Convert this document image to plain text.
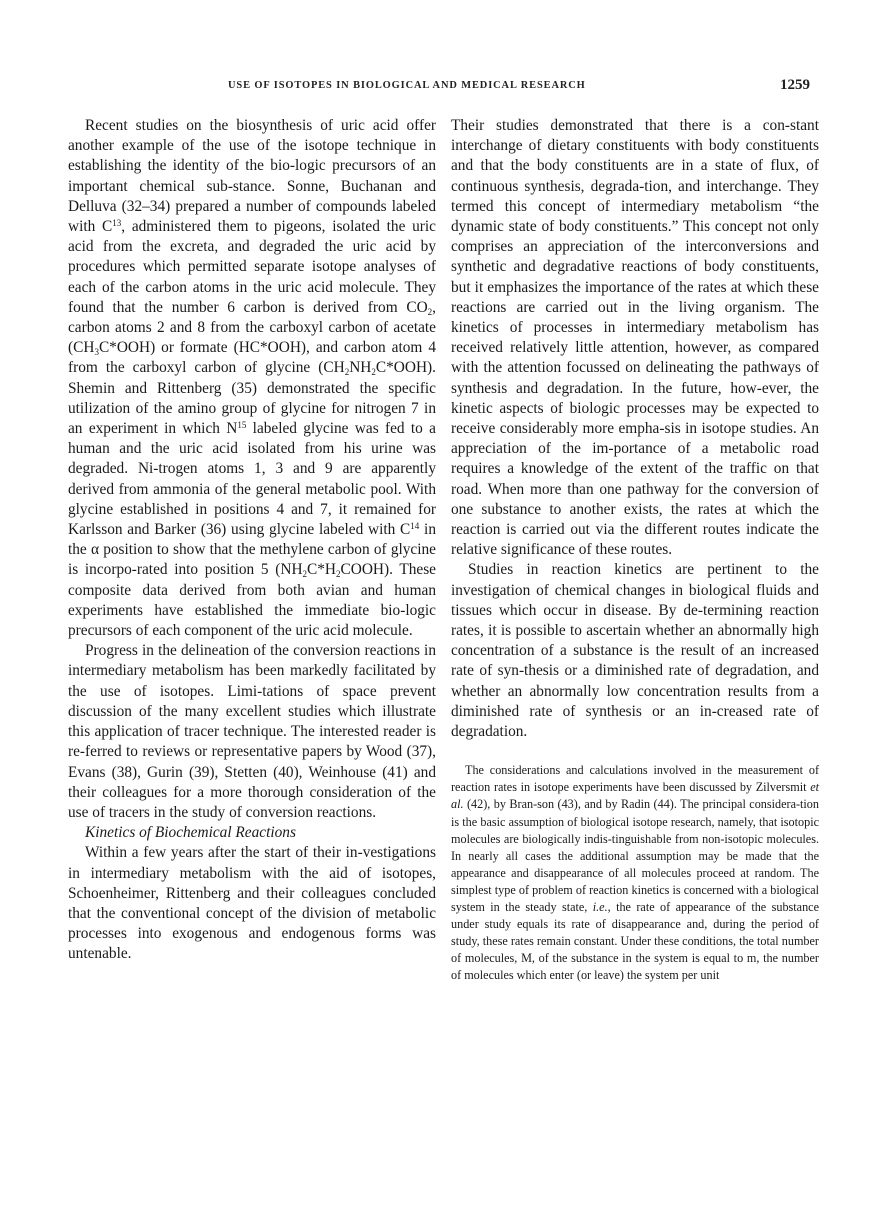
USE OF ISOTOPES IN BIOLOGICAL AND MEDICAL RESEARCH	1259

Recent studies on the biosynthesis of uric acid offer another example of the use of the isotope technique in establishing the identity of the bio-logic precursors of an important chemical sub-stance. Sonne, Buchanan and Delluva (32–34) prepared a number of compounds labeled with $C^{13}$, administered them to pigeons, isolated the uric acid from the excreta, and degraded the uric acid by procedures which permitted separate isotope analyses of each of the carbon atoms in the uric acid molecule. They found that the number 6 carbon is derived from $CO_2$, carbon atoms 2 and 8 from the carboxyl carbon of acetate $(CH_3C*OOH)$ or formate (HC*OOH), and carbon atom 4 from the carboxyl carbon of glycine $(CH_2NH_2C*OOH)$. Shemin and Rittenberg (35) demonstrated the specific utilization of the amino group of glycine for nitrogen 7 in an experiment in which $N^{15}$ labeled glycine was fed to a human and the uric acid isolated from his urine was degraded. Ni-trogen atoms 1, 3 and 9 are apparently derived from ammonia of the general metabolic pool. With glycine established in positions 4 and 7, it remained for Karlsson and Barker (36) using glycine labeled with $C^{14}$ in the α position to show that the methylene carbon of glycine is incorpo-rated into position 5 $(NH_2C*H_2COOH)$. These composite data derived from both avian and human experiments have established the immediate bio-logic precursors of each component of the uric acid molecule.

Progress in the delineation of the conversion reactions in intermediary metabolism has been markedly facilitated by the use of isotopes. Limi-tations of space prevent discussion of the many excellent studies which illustrate this application of tracer technique. The interested reader is re-ferred to reviews or representative papers by Wood (37), Evans (38), Gurin (39), Stetten (40), Weinhouse (41) and their colleagues for a more thorough consideration of the use of tracers in the study of conversion reactions.

Kinetics of Biochemical Reactions

Within a few years after the start of their in-vestigations in intermediary metabolism with the aid of isotopes, Schoenheimer, Rittenberg and their colleagues concluded that the conventional concept of the division of metabolic processes into exogenous and endogenous forms was untenable.

Their studies demonstrated that there is a con-stant interchange of dietary constituents with body constituents and that the body constituents are in a state of flux, of continuous synthesis, degrada-tion, and interchange. They termed this concept of intermediary metabolism “the dynamic state of body constituents.” This concept not only comprises an appreciation of the interconversions and synthetic and degradative reactions of body constituents, but it emphasizes the importance of the rates at which these reactions are carried out in the living organism. The kinetics of processes in intermediary metabolism has received relatively little attention, however, as compared with the attention focussed on delineating the pathways of synthesis and degradation. In the future, how-ever, the kinetic aspects of biologic processes may be expected to receive considerably more empha-sis in isotope studies. An appreciation of the im-portance of a metabolic road requires a knowledge of the extent of the traffic on that road. When more than one pathway for the conversion of one substance to another exists, the rates at which the reaction is carried out via the different routes indicate the relative significance of these routes.

Studies in reaction kinetics are pertinent to the investigation of chemical changes in biological fluids and tissues which occur in disease. By de-termining reaction rates, it is possible to ascertain whether an abnormally high concentration of a substance is the result of an increased rate of syn-thesis or a diminished rate of degradation, and whether an abnormally low concentration results from a diminished rate of synthesis or an in-creased rate of degradation.

The considerations and calculations involved in the measurement of reaction rates in isotope experiments have been discussed by Zilversmit et al. (42), by Bran-son (43), and by Radin (44). The principal considera-tion is the basic assumption of biological isotope research, namely, that isotopic molecules are biologically indis-tinguishable from non-isotopic molecules. In nearly all cases the additional assumption may be made that the appearance and disappearance of all molecules proceed at random. The simplest type of problem of reaction kinetics is concerned with a biological system in the steady state, i.e., the rate of appearance of the substance under study equals its rate of disappearance and, during the period of study, these rates remain constant. Under these conditions, the total number of molecules, M, of the substance in the system is equal to m, the number of molecules which enter (or leave) the system per unit
